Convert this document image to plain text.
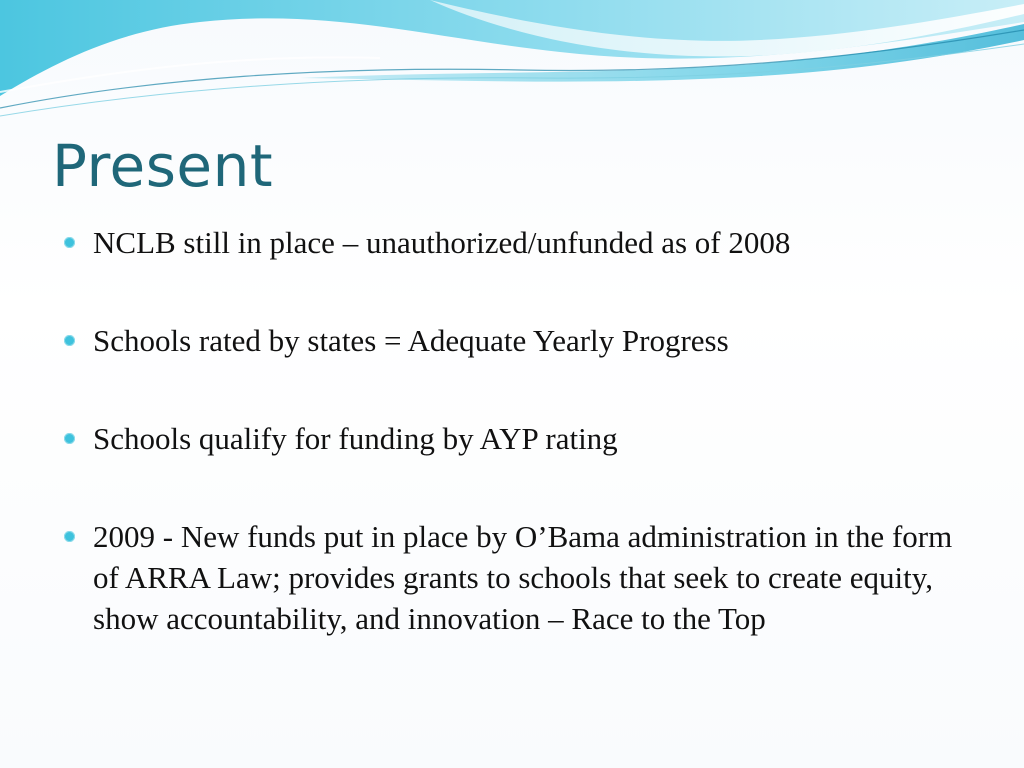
Present
NCLB still in place – unauthorized/unfunded as of 2008
Schools rated by states = Adequate Yearly Progress
Schools qualify for funding by AYP rating
2009 - New funds put in place by O’Bama administration in the form of ARRA Law; provides grants to schools that seek to create equity, show accountability, and innovation – Race to the Top
